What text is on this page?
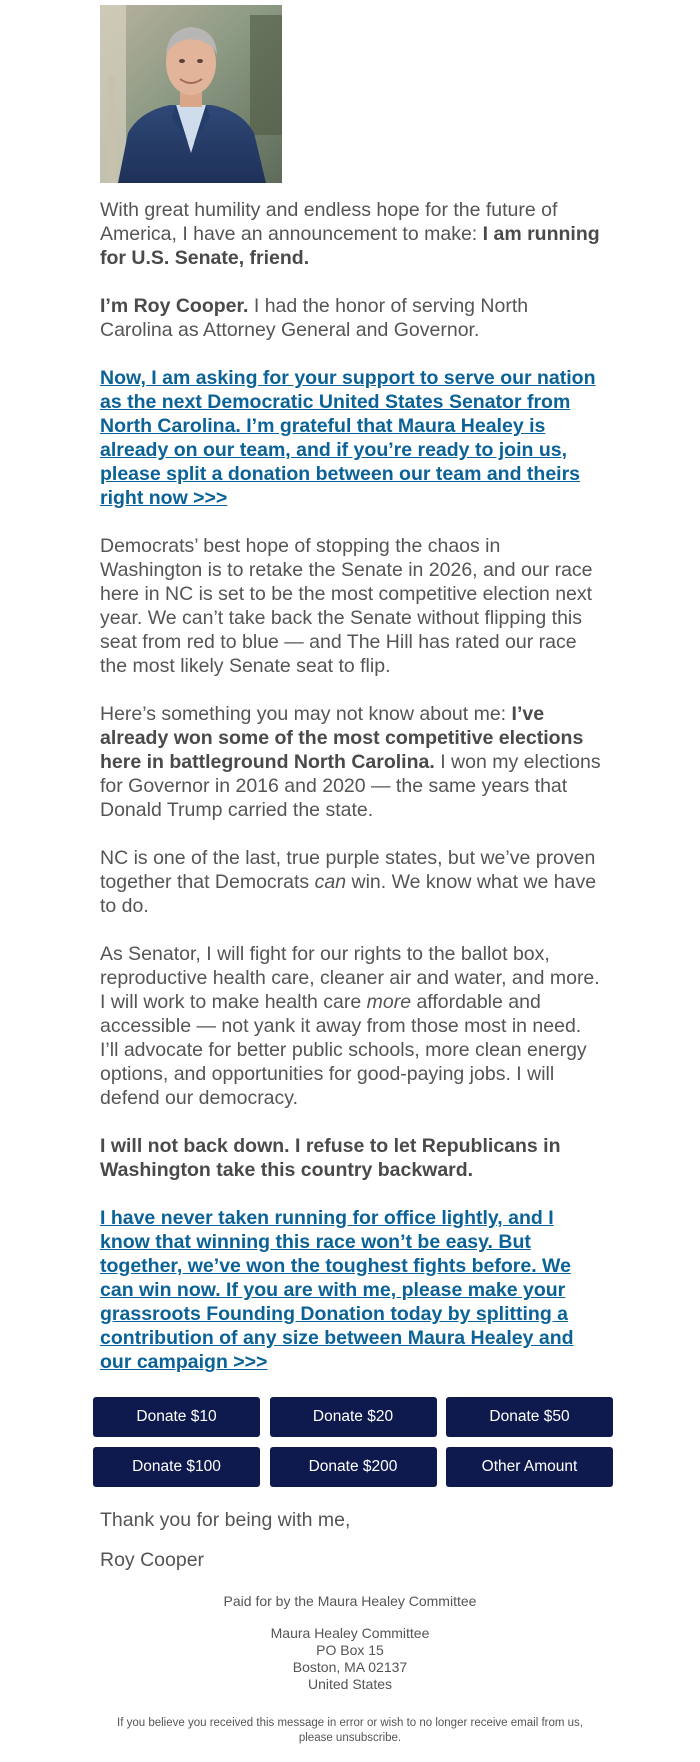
With great humility and endless hope for the future of America, I have an announcement to make: I am running for U.S. Senate, friend.

I’m Roy Cooper. I had the honor of serving North Carolina as Attorney General and Governor.

Now, I am asking for your support to serve our nation as the next Democratic United States Senator from North Carolina. I’m grateful that Maura Healey is already on our team, and if you’re ready to join us, please split a donation between our team and theirs right now >>>

Democrats’ best hope of stopping the chaos in Washington is to retake the Senate in 2026, and our race here in NC is set to be the most competitive election next year. We can’t take back the Senate without flipping this seat from red to blue — and The Hill has rated our race the most likely Senate seat to flip.

Here’s something you may not know about me: I’ve already won some of the most competitive elections here in battleground North Carolina. I won my elections for Governor in 2016 and 2020 — the same years that Donald Trump carried the state.

NC is one of the last, true purple states, but we’ve proven together that Democrats can win. We know what we have to do.

As Senator, I will fight for our rights to the ballot box, reproductive health care, cleaner air and water, and more. I will work to make health care more affordable and accessible — not yank it away from those most in need. I’ll advocate for better public schools, more clean energy options, and opportunities for good-paying jobs. I will defend our democracy.

I will not back down. I refuse to let Republicans in Washington take this country backward.

I have never taken running for office lightly, and I know that winning this race won’t be easy. But together, we’ve won the toughest fights before. We can win now. If you are with me, please make your grassroots Founding Donation today by splitting a contribution of any size between Maura Healey and our campaign >>>

Donate $10	Donate $20	Donate $50
Donate $100	Donate $200	Other Amount

Thank you for being with me,

Roy Cooper

Paid for by the Maura Healey Committee
Maura Healey Committee
PO Box 15
Boston, MA 02137
United States
If you believe you received this message in error or wish to no longer receive email from us,
please unsubscribe.
